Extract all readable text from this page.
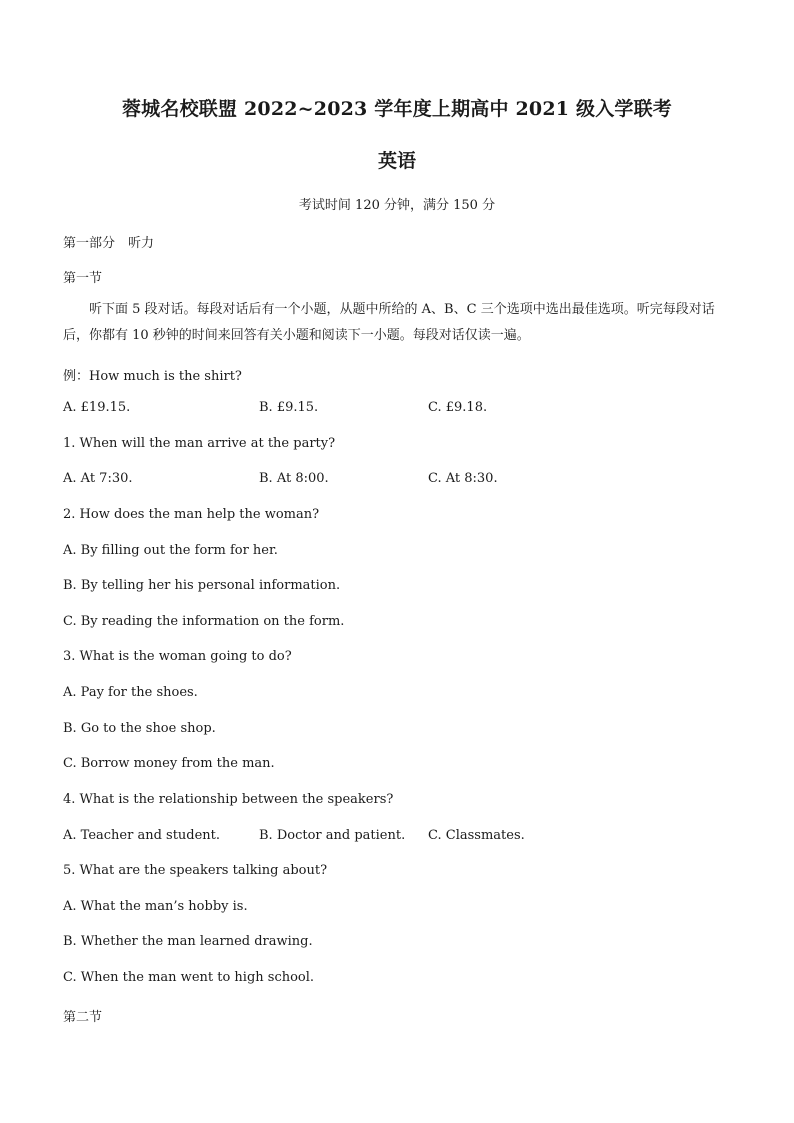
蓉城名校联盟 2022~2023 学年度上期高中 2021 级入学联考
英语
考试时间 120 分钟，满分 150 分
第一部分　听力
第一节
听下面 5 段对话。每段对话后有一个小题，从题中所给的 A、B、C 三个选项中选出最佳选项。听完每段对话后，你都有 10 秒钟的时间来回答有关小题和阅读下一小题。每段对话仅读一遍。
例：How much is the shirt?
A. £19.15.	B. £9.15.	C. £9.18.
1. When will the man arrive at the party?
A. At 7:30.	B. At 8:00.	C. At 8:30.
2. How does the man help the woman?
A. By filling out the form for her.
B. By telling her his personal information.
C. By reading the information on the form.
3. What is the woman going to do?
A. Pay for the shoes.
B. Go to the shoe shop.
C. Borrow money from the man.
4. What is the relationship between the speakers?
A. Teacher and student.	B. Doctor and patient. C. Classmates.
5. What are the speakers talking about?
A. What the man’s hobby is.
B. Whether the man learned drawing.
C. When the man went to high school.
第二节
